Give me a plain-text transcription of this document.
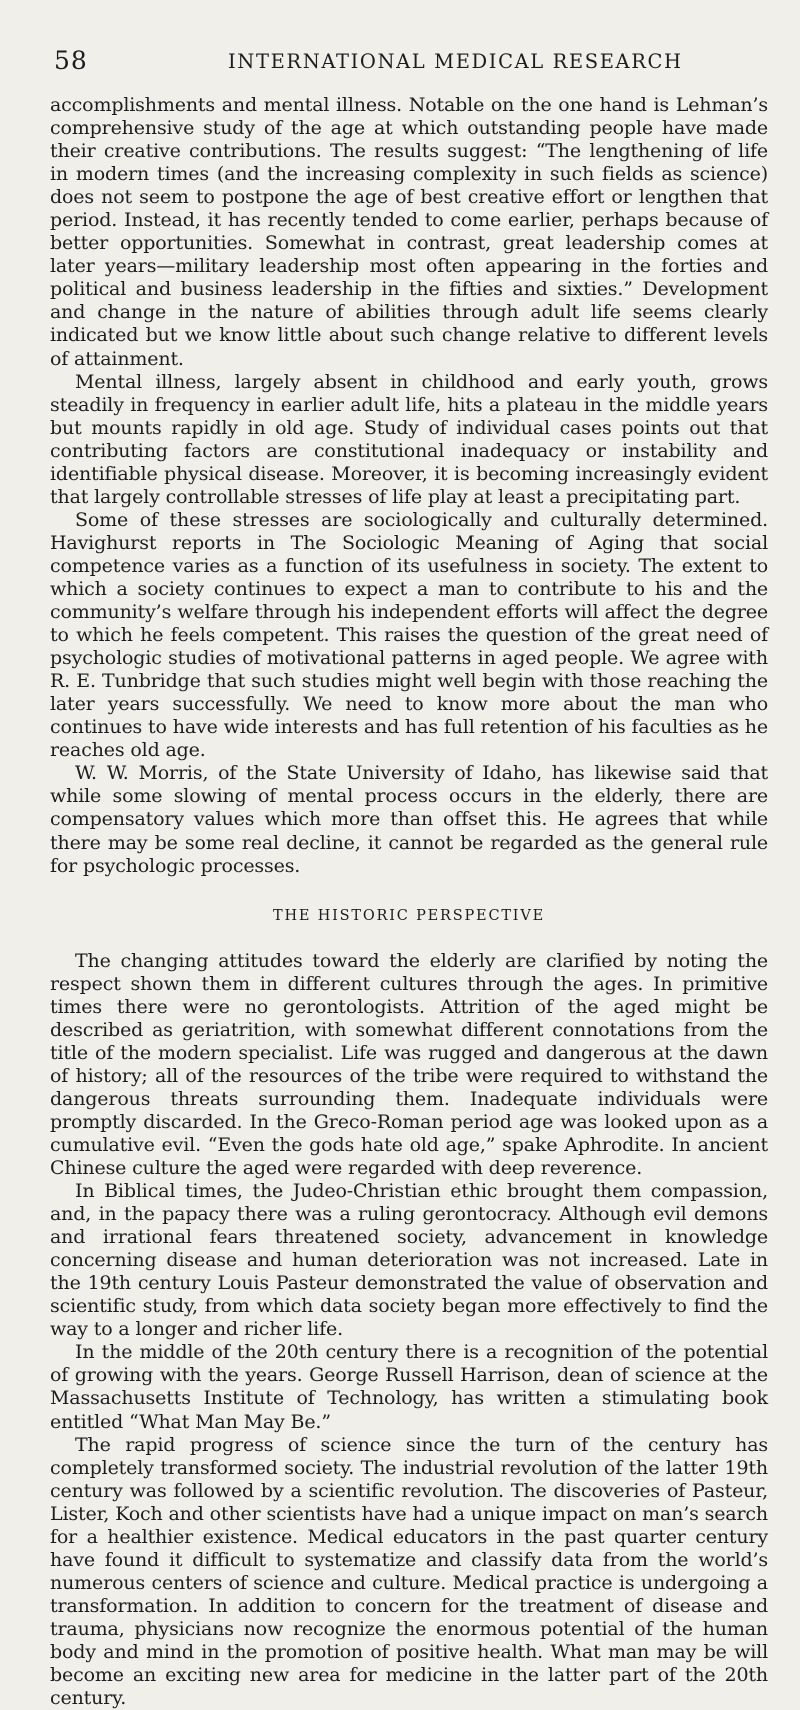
58	INTERNATIONAL MEDICAL RESEARCH

accomplishments and mental illness. Notable on the one hand is Lehman’s comprehensive study of the age at which outstanding people have made their creative contributions. The results suggest: “The lengthening of life in modern times (and the increasing complexity in such fields as science) does not seem to postpone the age of best creative effort or lengthen that period. Instead, it has recently tended to come earlier, perhaps because of better opportunities. Somewhat in contrast, great leadership comes at later years—military leadership most often appearing in the forties and political and business leadership in the fifties and sixties.” Development and change in the nature of abilities through adult life seems clearly indicated but we know little about such change relative to different levels of attainment.

Mental illness, largely absent in childhood and early youth, grows steadily in frequency in earlier adult life, hits a plateau in the middle years but mounts rapidly in old age. Study of individual cases points out that contributing factors are constitutional inadequacy or instability and identifiable physical disease. Moreover, it is becoming increasingly evident that largely controllable stresses of life play at least a precipitating part.

Some of these stresses are sociologically and culturally determined. Havighurst reports in The Sociologic Meaning of Aging that social competence varies as a function of its usefulness in society. The extent to which a society continues to expect a man to contribute to his and the community’s welfare through his independent efforts will affect the degree to which he feels competent. This raises the question of the great need of psychologic studies of motivational patterns in aged people. We agree with R. E. Tunbridge that such studies might well begin with those reaching the later years successfully. We need to know more about the man who continues to have wide interests and has full retention of his faculties as he reaches old age.

W. W. Morris, of the State University of Idaho, has likewise said that while some slowing of mental process occurs in the elderly, there are compensatory values which more than offset this. He agrees that while there may be some real decline, it cannot be regarded as the general rule for psychologic processes.

THE HISTORIC PERSPECTIVE

The changing attitudes toward the elderly are clarified by noting the respect shown them in different cultures through the ages. In primitive times there were no gerontologists. Attrition of the aged might be described as geriatrition, with somewhat different connotations from the title of the modern specialist. Life was rugged and dangerous at the dawn of history; all of the resources of the tribe were required to withstand the dangerous threats surrounding them. Inadequate individuals were promptly discarded. In the Greco-Roman period age was looked upon as a cumulative evil. “Even the gods hate old age,” spake Aphrodite. In ancient Chinese culture the aged were regarded with deep reverence.

In Biblical times, the Judeo-Christian ethic brought them compassion, and, in the papacy there was a ruling gerontocracy. Although evil demons and irrational fears threatened society, advancement in knowledge concerning disease and human deterioration was not increased. Late in the 19th century Louis Pasteur demonstrated the value of observation and scientific study, from which data society began more effectively to find the way to a longer and richer life.

In the middle of the 20th century there is a recognition of the potential of growing with the years. George Russell Harrison, dean of science at the Massachusetts Institute of Technology, has written a stimulating book entitled “What Man May Be.”

The rapid progress of science since the turn of the century has completely transformed society. The industrial revolution of the latter 19th century was followed by a scientific revolution. The discoveries of Pasteur, Lister, Koch and other scientists have had a unique impact on man’s search for a healthier existence. Medical educators in the past quarter century have found it difficult to systematize and classify data from the world’s numerous centers of science and culture. Medical practice is undergoing a transformation. In addition to concern for the treatment of disease and trauma, physicians now recognize the enormous potential of the human body and mind in the promotion of positive health. What man may be will become an exciting new area for medicine in the latter part of the 20th century.
